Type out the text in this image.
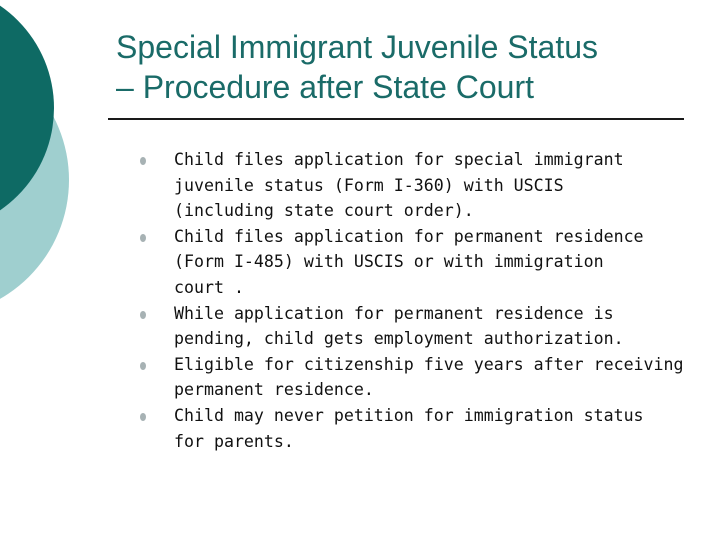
Special Immigrant Juvenile Status
– Procedure after State Court
Child files application for special immigrant
juvenile status (Form I-360) with USCIS
(including state court order).
Child files application for permanent residence
(Form I-485) with USCIS or with immigration
court .
While application for permanent residence is
pending, child gets employment authorization.
Eligible for citizenship five years after receiving
permanent residence.
Child may never petition for immigration status
for parents.
